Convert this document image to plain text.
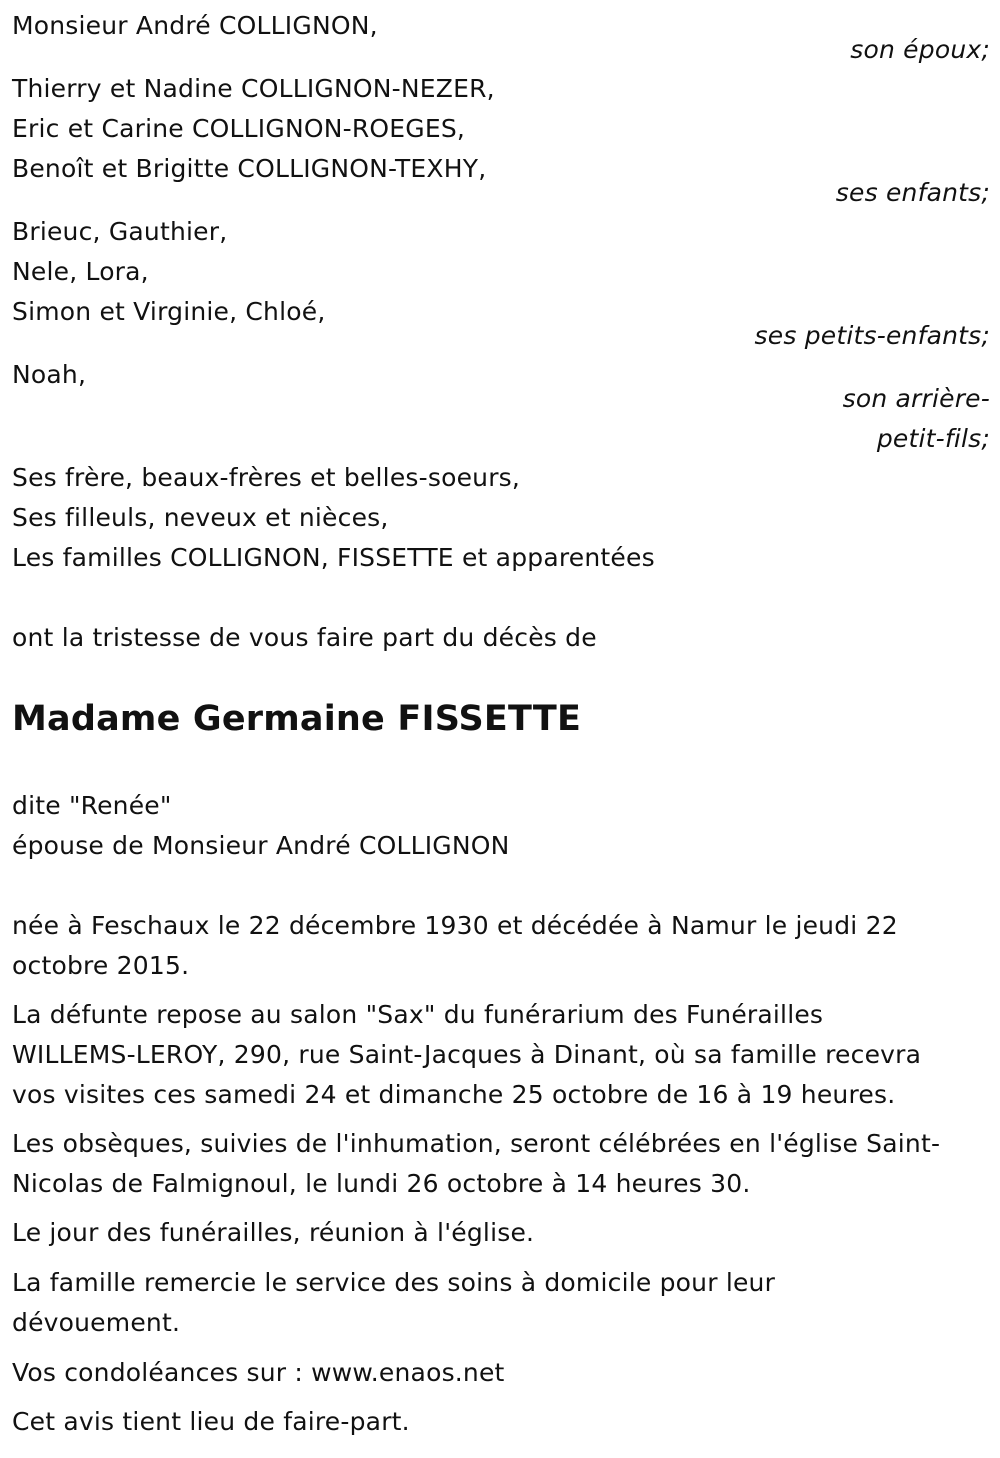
Monsieur André COLLIGNON,
son époux;
Thierry et Nadine COLLIGNON-NEZER,
Eric et Carine COLLIGNON-ROEGES,
Benoît et Brigitte COLLIGNON-TEXHY,
ses enfants;
Brieuc, Gauthier,
Nele, Lora,
Simon et Virginie, Chloé,
ses petits-enfants;
Noah,
son arrière-
petit-fils;
Ses frère, beaux-frères et belles-soeurs,
Ses filleuls, neveux et nièces,
Les familles COLLIGNON, FISSETTE et apparentées
ont la tristesse de vous faire part du décès de
Madame Germaine FISSETTE
dite "Renée"
épouse de Monsieur André COLLIGNON
née à Feschaux le 22 décembre 1930 et décédée à Namur le jeudi 22
octobre 2015.
La défunte repose au salon "Sax" du funérarium des Funérailles
WILLEMS-LEROY, 290, rue Saint-Jacques à Dinant, où sa famille recevra
vos visites ces samedi 24 et dimanche 25 octobre de 16 à 19 heures.
Les obsèques, suivies de l'inhumation, seront célébrées en l'église Saint-
Nicolas de Falmignoul, le lundi 26 octobre à 14 heures 30.
Le jour des funérailles, réunion à l'église.
La famille remercie le service des soins à domicile pour leur
dévouement.
Vos condoléances sur : www.enaos.net
Cet avis tient lieu de faire-part.
